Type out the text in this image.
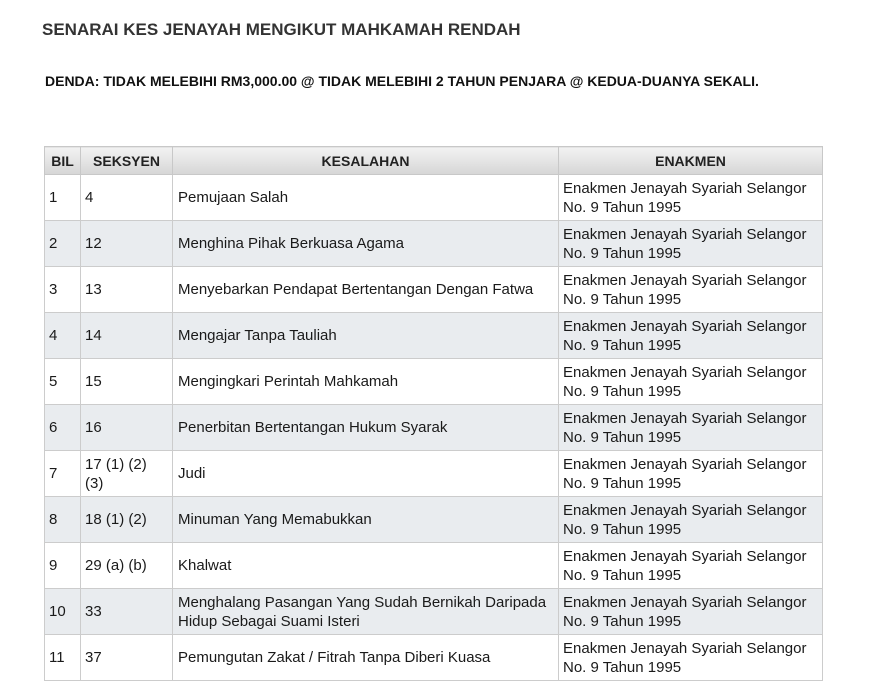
SENARAI KES JENAYAH MENGIKUT MAHKAMAH RENDAH

DENDA: TIDAK MELEBIHI RM3,000.00 @ TIDAK MELEBIHI 2 TAHUN PENJARA @ KEDUA-DUANYA SEKALI.

BIL	SEKSYEN	KESALAHAN	ENAKMEN
1	4	Pemujaan Salah	Enakmen Jenayah Syariah Selangor No. 9 Tahun 1995
2	12	Menghina Pihak Berkuasa Agama	Enakmen Jenayah Syariah Selangor No. 9 Tahun 1995
3	13	Menyebarkan Pendapat Bertentangan Dengan Fatwa	Enakmen Jenayah Syariah Selangor No. 9 Tahun 1995
4	14	Mengajar Tanpa Tauliah	Enakmen Jenayah Syariah Selangor No. 9 Tahun 1995
5	15	Mengingkari Perintah Mahkamah	Enakmen Jenayah Syariah Selangor No. 9 Tahun 1995
6	16	Penerbitan Bertentangan Hukum Syarak	Enakmen Jenayah Syariah Selangor No. 9 Tahun 1995
7	17 (1) (2) (3)	Judi	Enakmen Jenayah Syariah Selangor No. 9 Tahun 1995
8	18 (1) (2)	Minuman Yang Memabukkan	Enakmen Jenayah Syariah Selangor No. 9 Tahun 1995
9	29 (a) (b)	Khalwat	Enakmen Jenayah Syariah Selangor No. 9 Tahun 1995
10	33	Menghalang Pasangan Yang Sudah Bernikah Daripada Hidup Sebagai Suami Isteri	Enakmen Jenayah Syariah Selangor No. 9 Tahun 1995
11	37	Pemungutan Zakat / Fitrah Tanpa Diberi Kuasa	Enakmen Jenayah Syariah Selangor No. 9 Tahun 1995
